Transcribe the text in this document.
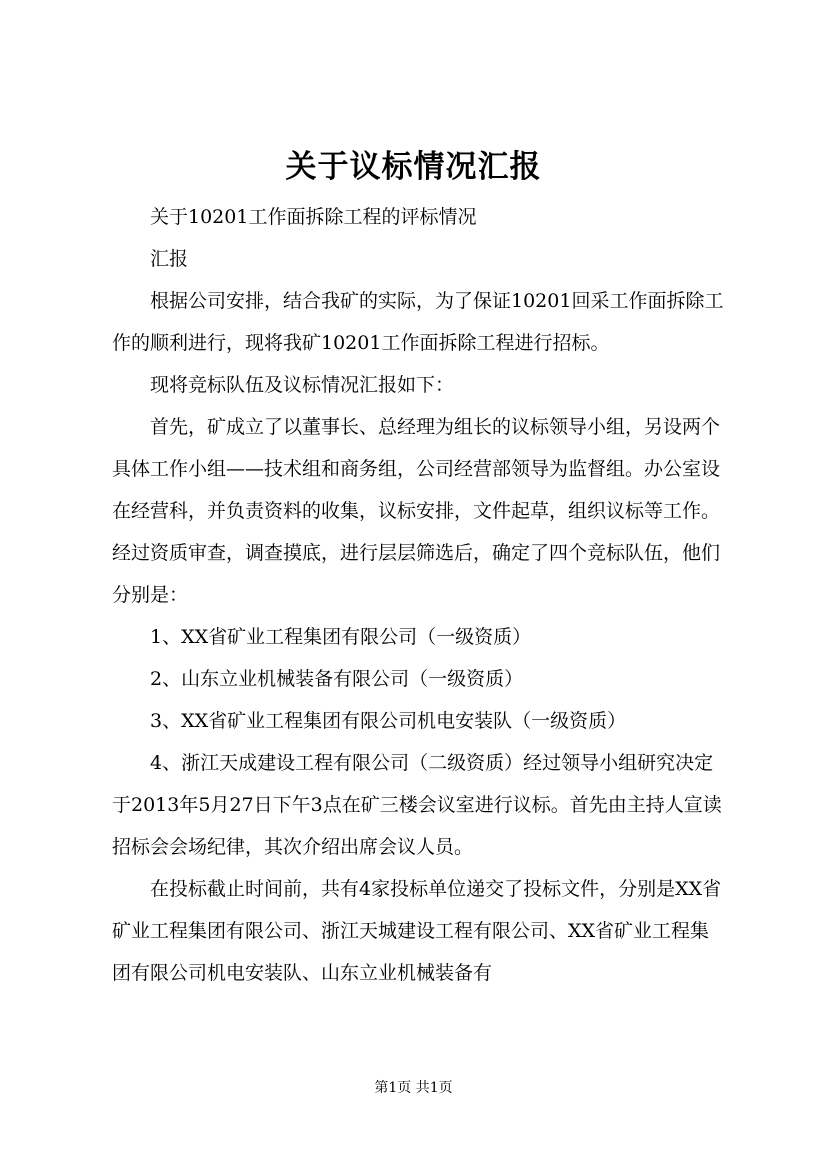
关于议标情况汇报

关于10201工作面拆除工程的评标情况

汇报

根据公司安排，结合我矿的实际，为了保证10201回采工作面拆除工作的顺利进行，现将我矿10201工作面拆除工程进行招标。

现将竞标队伍及议标情况汇报如下：

首先，矿成立了以董事长、总经理为组长的议标领导小组，另设两个具体工作小组——技术组和商务组，公司经营部领导为监督组。办公室设在经营科，并负责资料的收集，议标安排，文件起草，组织议标等工作。经过资质审查，调查摸底，进行层层筛选后，确定了四个竞标队伍，他们分别是：

1、XX省矿业工程集团有限公司（一级资质）

2、山东立业机械装备有限公司（一级资质）

3、XX省矿业工程集团有限公司机电安装队（一级资质）

4、浙江天成建设工程有限公司（二级资质）经过领导小组研究决定于2013年5月27日下午3点在矿三楼会议室进行议标。首先由主持人宣读招标会会场纪律，其次介绍出席会议人员。

在投标截止时间前，共有4家投标单位递交了投标文件，分别是XX省矿业工程集团有限公司、浙江天城建设工程有限公司、XX省矿业工程集团有限公司机电安装队、山东立业机械装备有

第1页 共1页
